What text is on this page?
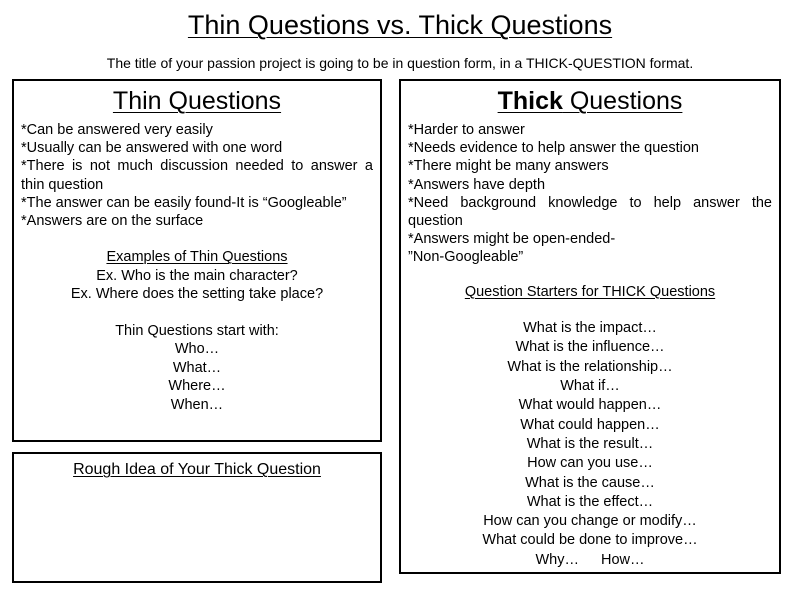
Thin Questions vs. Thick Questions
The title of your passion project is going to be in question form, in a THICK-QUESTION format.
Thin Questions
*Can be answered very easily
*Usually can be answered with one word
*There is not much discussion needed to answer a thin question
*The answer can be easily found-It is “Googleable”
*Answers are on the surface
Examples of Thin Questions
Ex. Who is the main character?
Ex. Where does the setting take place?
Thin Questions start with:
Who…
What…
Where…
When…
Thick Questions
*Harder to answer
*Needs evidence to help answer the question
*There might be many answers
*Answers have depth
*Need background knowledge to help answer the question
*Answers might be open-ended-
”Non-Googleable”
Question Starters for THICK Questions
What is the impact…
What is the influence…
What is the relationship…
What if…
What would happen…
What could happen…
What is the result…
How can you use…
What is the cause…
What is the effect…
How can you change or modify…
What could be done to improve…
Why… How…
Rough Idea of Your Thick Question
